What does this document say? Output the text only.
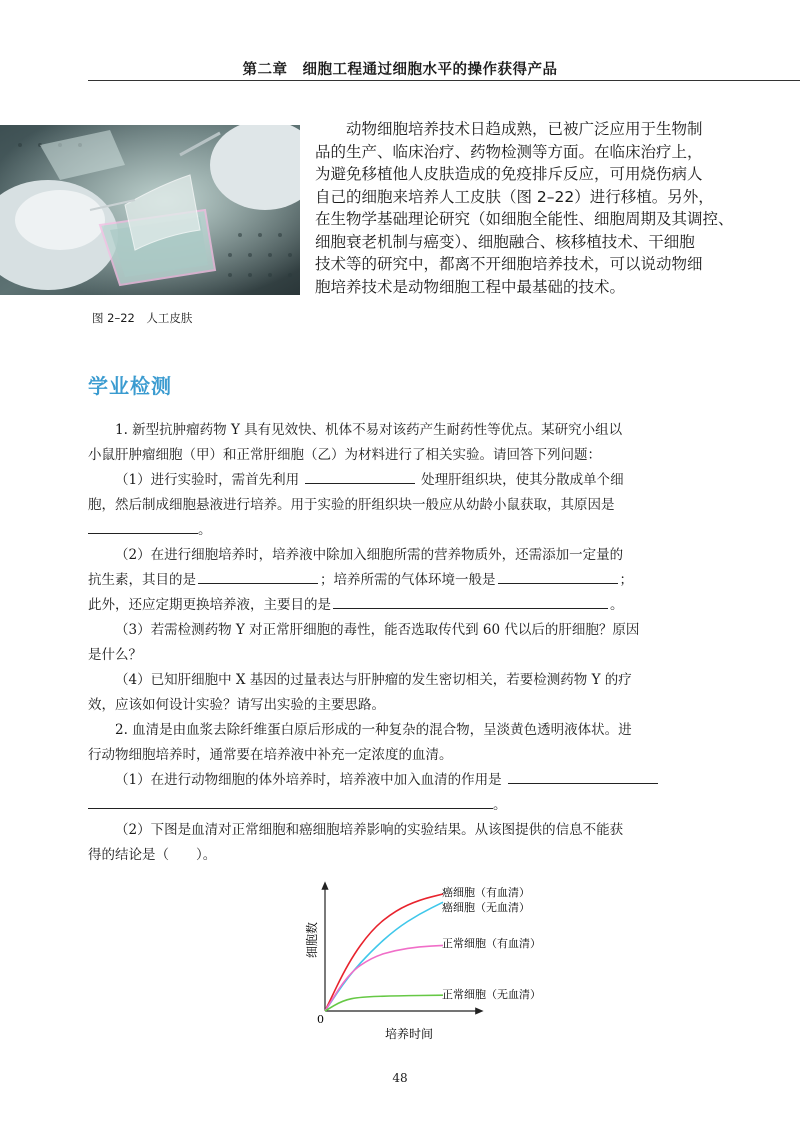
第二章　细胞工程通过细胞水平的操作获得产品
图 2–22　人工皮肤
动物细胞培养技术日趋成熟，已被广泛应用于生物制
品的生产、临床治疗、药物检测等方面。在临床治疗上，
为避免移植他人皮肤造成的免疫排斥反应，可用烧伤病人
自己的细胞来培养人工皮肤（图 2–22）进行移植。另外，
在生物学基础理论研究（如细胞全能性、细胞周期及其调控、
细胞衰老机制与癌变）、细胞融合、核移植技术、干细胞
技术等的研究中，都离不开细胞培养技术，可以说动物细
胞培养技术是动物细胞工程中最基础的技术。
学业检测
1. 新型抗肿瘤药物 Y 具有见效快、机体不易对该药产生耐药性等优点。某研究小组以
小鼠肝肿瘤细胞（甲）和正常肝细胞（乙）为材料进行了相关实验。请回答下列问题：
（1）进行实验时，需首先利用	处理肝组织块，使其分散成单个细
胞，然后制成细胞悬液进行培养。用于实验的肝组织块一般应从幼龄小鼠获取，其原因是
。
（2）在进行细胞培养时，培养液中除加入细胞所需的营养物质外，还需添加一定量的
抗生素，其目的是	；培养所需的气体环境一般是	；
此外，还应定期更换培养液，主要目的是	。
（3）若需检测药物 Y 对正常肝细胞的毒性，能否选取传代到 60 代以后的肝细胞？原因
是什么？
（4）已知肝细胞中 X 基因的过量表达与肝肿瘤的发生密切相关，若要检测药物 Y 的疗
效，应该如何设计实验？请写出实验的主要思路。
2. 血清是由血浆去除纤维蛋白原后形成的一种复杂的混合物，呈淡黄色透明液体状。进
行动物细胞培养时，通常要在培养液中补充一定浓度的血清。
（1）在进行动物细胞的体外培养时，培养液中加入血清的作用是
。
（2）下图是血清对正常细胞和癌细胞培养影响的实验结果。从该图提供的信息不能获
得的结论是（　　）。
0
培养时间
细胞数
癌细胞（有血清）
癌细胞（无血清）
正常细胞（有血清）
正常细胞（无血清）
48
